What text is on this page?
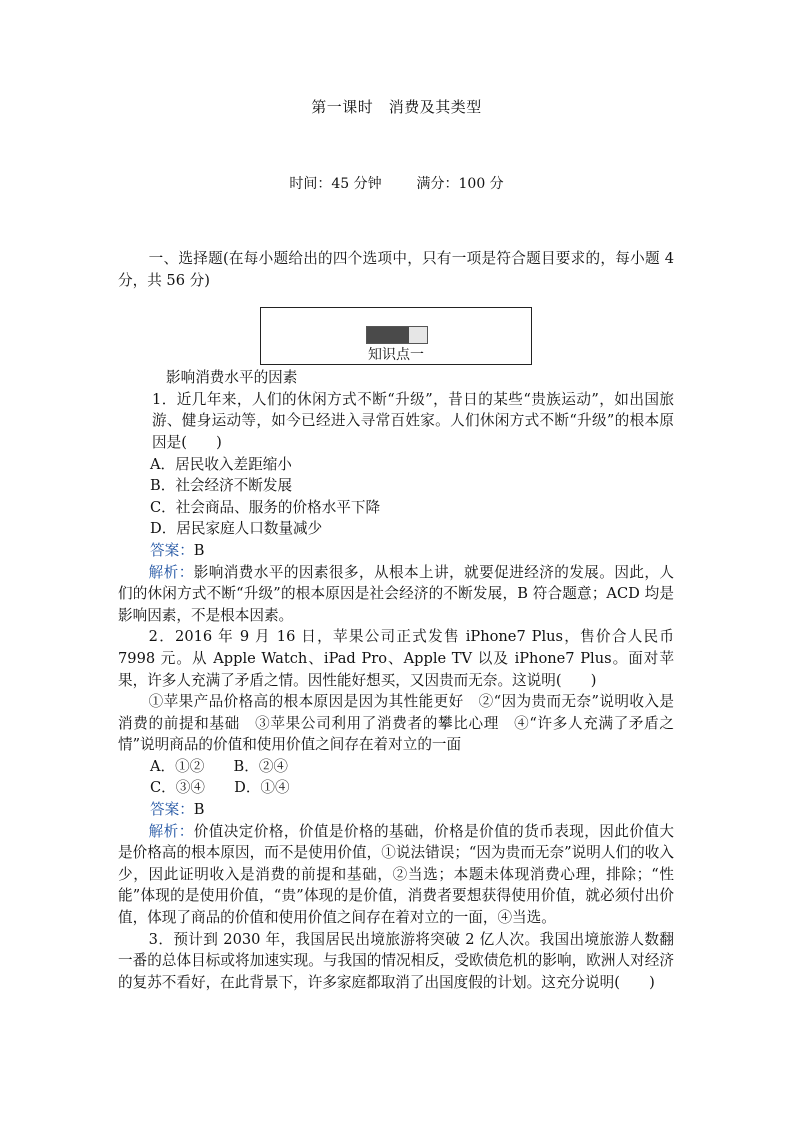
第一课时　消费及其类型
时间：45 分钟 满分：100 分

一、选择题(在每小题给出的四个选项中，只有一项是符合题目要求的，每小题 4 分，共 56 分)

知识点一

影响消费水平的因素

1．近几年来，人们的休闲方式不断“升级”，昔日的某些“贵族运动”，如出国旅游、健身运动等，如今已经进入寻常百姓家。人们休闲方式不断“升级”的根本原因是(　　)

A．居民收入差距缩小

B．社会经济不断发展

C．社会商品、服务的价格水平下降

D．居民家庭人口数量减少

答案：B

解析：影响消费水平的因素很多，从根本上讲，就要促进经济的发展。因此，人们的休闲方式不断“升级”的根本原因是社会经济的不断发展，B 符合题意；ACD 均是影响因素，不是根本因素。

2．2016 年 9 月 16 日，苹果公司正式发售 iPhone7 Plus，售价合人民币 7998 元。从 Apple Watch、iPad Pro、Apple TV 以及 iPhone7 Plus。面对苹果，许多人充满了矛盾之情。因性能好想买，又因贵而无奈。这说明(　　)

①苹果产品价格高的根本原因是因为其性能更好　②“因为贵而无奈”说明收入是消费的前提和基础　③苹果公司利用了消费者的攀比心理　④“许多人充满了矛盾之情”说明商品的价值和使用价值之间存在着对立的一面

A．①②　　B．②④

C．③④　　D．①④

答案：B

解析：价值决定价格，价值是价格的基础，价格是价值的货币表现，因此价值大是价格高的根本原因，而不是使用价值，①说法错误；“因为贵而无奈”说明人们的收入少，因此证明收入是消费的前提和基础，②当选；本题未体现消费心理，排除；“性能”体现的是使用价值，“贵”体现的是价值，消费者要想获得使用价值，就必须付出价值，体现了商品的价值和使用价值之间存在着对立的一面，④当选。

3．预计到 2030 年，我国居民出境旅游将突破 2 亿人次。我国出境旅游人数翻一番的总体目标或将加速实现。与我国的情况相反，受欧债危机的影响，欧洲人对经济的复苏不看好，在此背景下，许多家庭都取消了出国度假的计划。这充分说明(　　)
